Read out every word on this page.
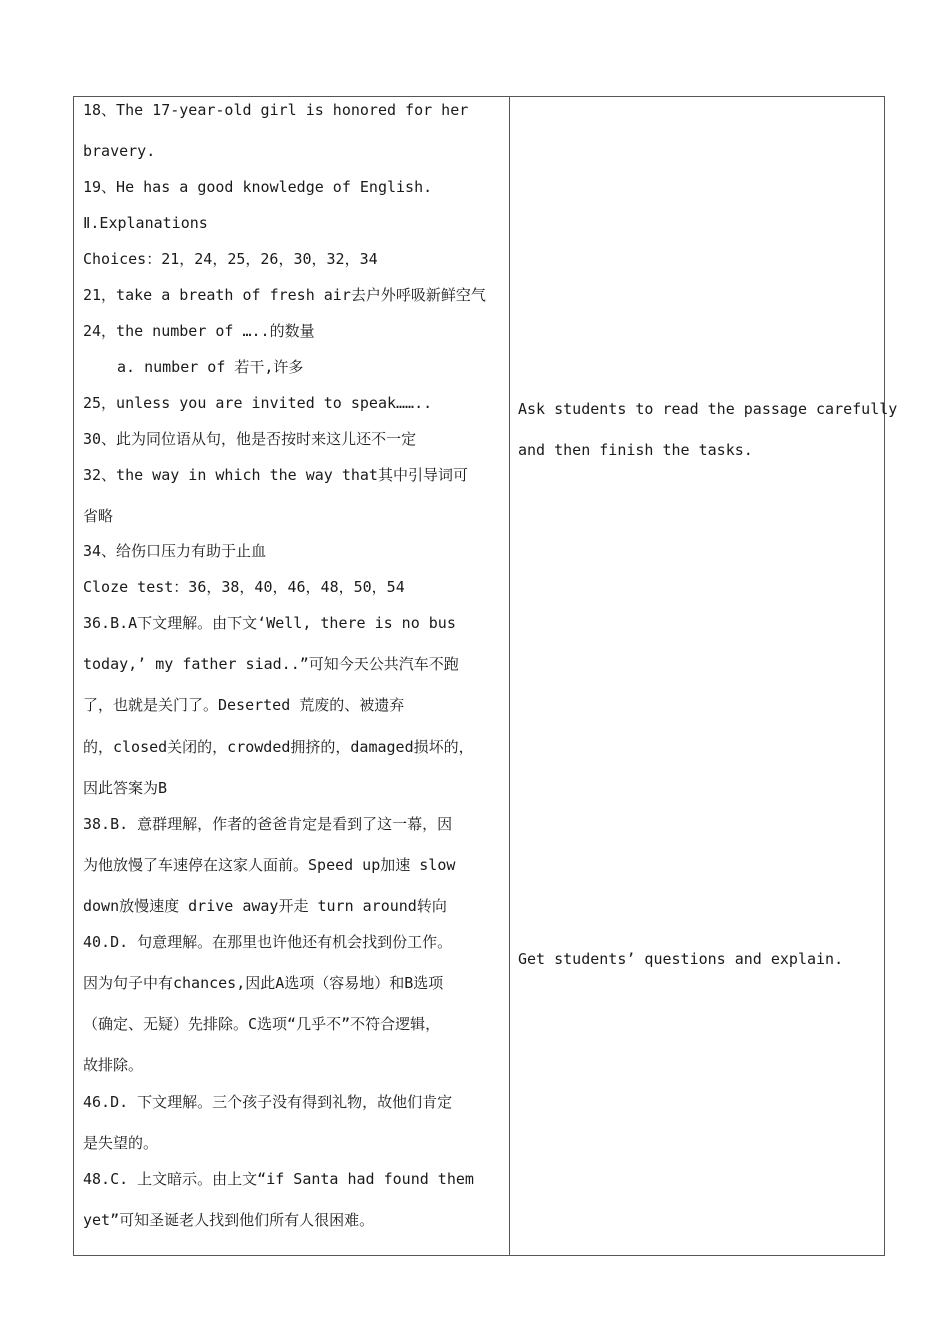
18、The 17-year-old girl is honored for her
bravery.
19、He has a good knowledge of English.
Ⅱ.Explanations
Choices：21，24，25，26，30，32，34
21，take a breath of fresh air去户外呼吸新鲜空气
24，the number of …..的数量
a. number of 若干,许多
25，unless you are invited to speak……..
30、此为同位语从句，他是否按时来这儿还不一定
32、the way in which the way that其中引导词可
省略
34、给伤口压力有助于止血
Cloze test：36，38，40，46，48，50，54
36.B.A下文理解。由下文‘Well, there is no bus
today,’ my father siad..”可知今天公共汽车不跑
了，也就是关门了。Deserted 荒废的、被遗弃
的，closed关闭的，crowded拥挤的，damaged损坏的，
因此答案为B
38.B. 意群理解，作者的爸爸肯定是看到了这一幕，因
为他放慢了车速停在这家人面前。Speed up加速 slow
down放慢速度 drive away开走 turn around转向
40.D. 句意理解。在那里也许他还有机会找到份工作。
因为句子中有chances,因此A选项（容易地）和B选项
（确定、无疑）先排除。C选项“几乎不”不符合逻辑，
故排除。
46.D. 下文理解。三个孩子没有得到礼物，故他们肯定
是失望的。
48.C. 上文暗示。由上文“if Santa had found them
yet”可知圣诞老人找到他们所有人很困难。
Ask students to read the passage carefully
and then finish the tasks.
Get students’ questions and explain.
